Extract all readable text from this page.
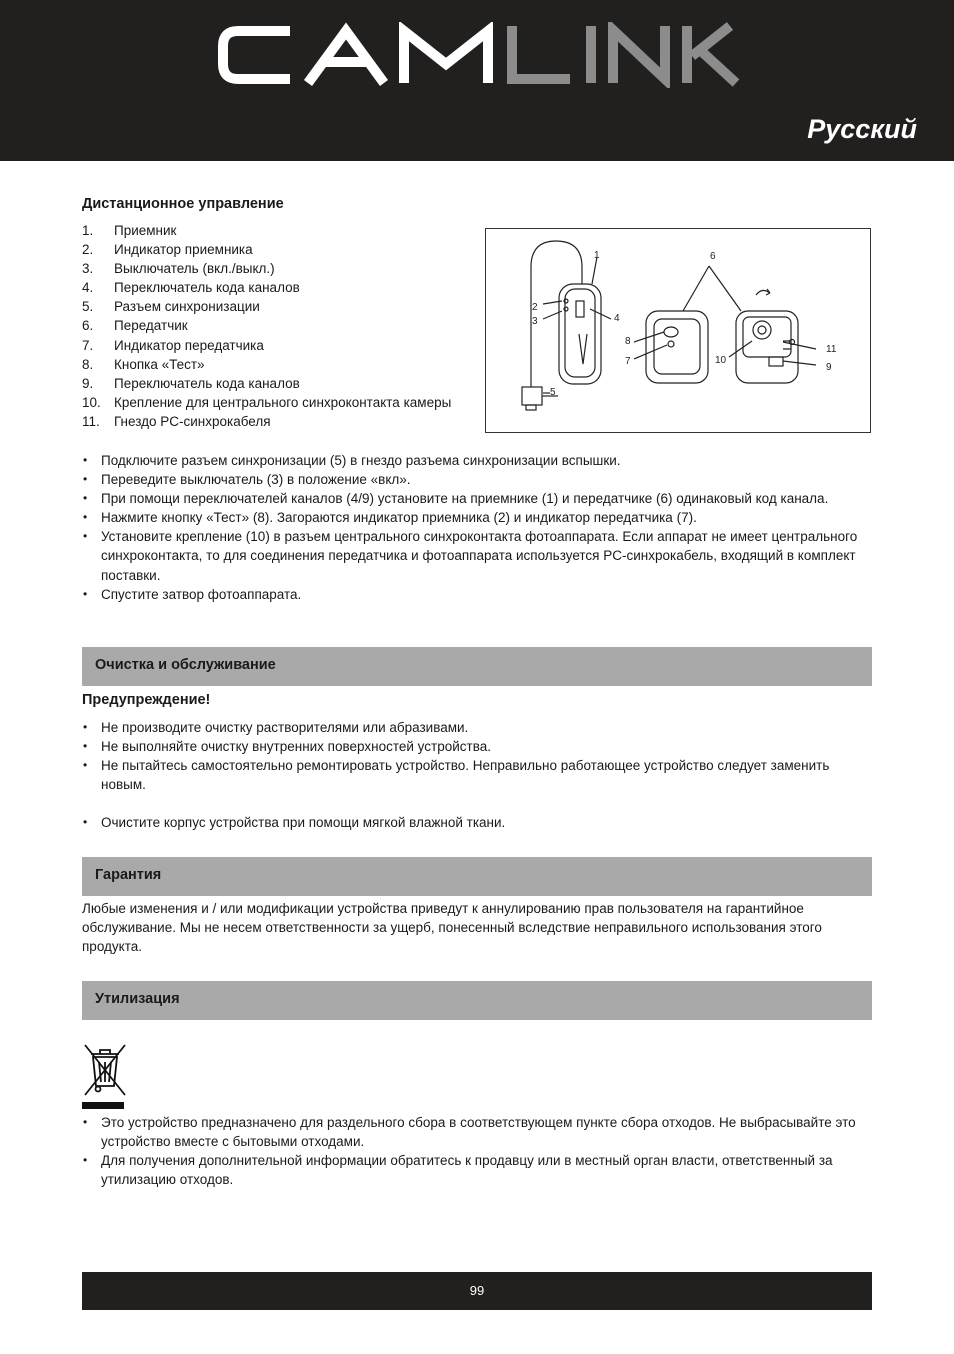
Русский
Дистанционное управление
1. Приемник
2. Индикатор приемника
3. Выключатель (вкл./выкл.)
4. Переключатель кода каналов
5. Разъем синхронизации
6. Передатчик
7. Индикатор передатчика
8. Кнопка «Тест»
9. Переключатель кода каналов
10. Крепление для центрального синхроконтакта камеры
11. Гнездо PC-синхрокабеля
1
2
3	4
5
6
7
8
9
10
11
• Подключите разъем синхронизации (5) в гнездо разъема синхронизации вспышки.
• Переведите выключатель (3) в положение «вкл».
• При помощи переключателей каналов (4/9) установите на приемнике (1) и передатчике (6) одинаковый код канала.
• Нажмите кнопку «Тест» (8). Загораются индикатор приемника (2) и индикатор передатчика (7).
• Установите крепление (10) в разъем центрального синхроконтакта фотоаппарата. Если аппарат не имеет центрального синхроконтакта, то для соединения передатчика и фотоаппарата используется PC-синхрокабель, входящий в комплект поставки.
• Спустите затвор фотоаппарата.
Очистка и обслуживание
Предупреждение!
• Не производите очистку растворителями или абразивами.
• Не выполняйте очистку внутренних поверхностей устройства.
• Не пытайтесь самостоятельно ремонтировать устройство. Неправильно работающее устройство следует заменить новым.
• Очистите корпус устройства при помощи мягкой влажной ткани.
Гарантия
Любые изменения и / или модификации устройства приведут к аннулированию прав пользователя на гарантийное обслуживание. Мы не несем ответственности за ущерб, понесенный вследствие неправильного использования этого продукта.
Утилизация
• Это устройство предназначено для раздельного сбора в соответствующем пункте сбора отходов. Не выбрасывайте это устройство вместе с бытовыми отходами.
• Для получения дополнительной информации обратитесь к продавцу или в местный орган власти, ответственный за утилизацию отходов.
99
